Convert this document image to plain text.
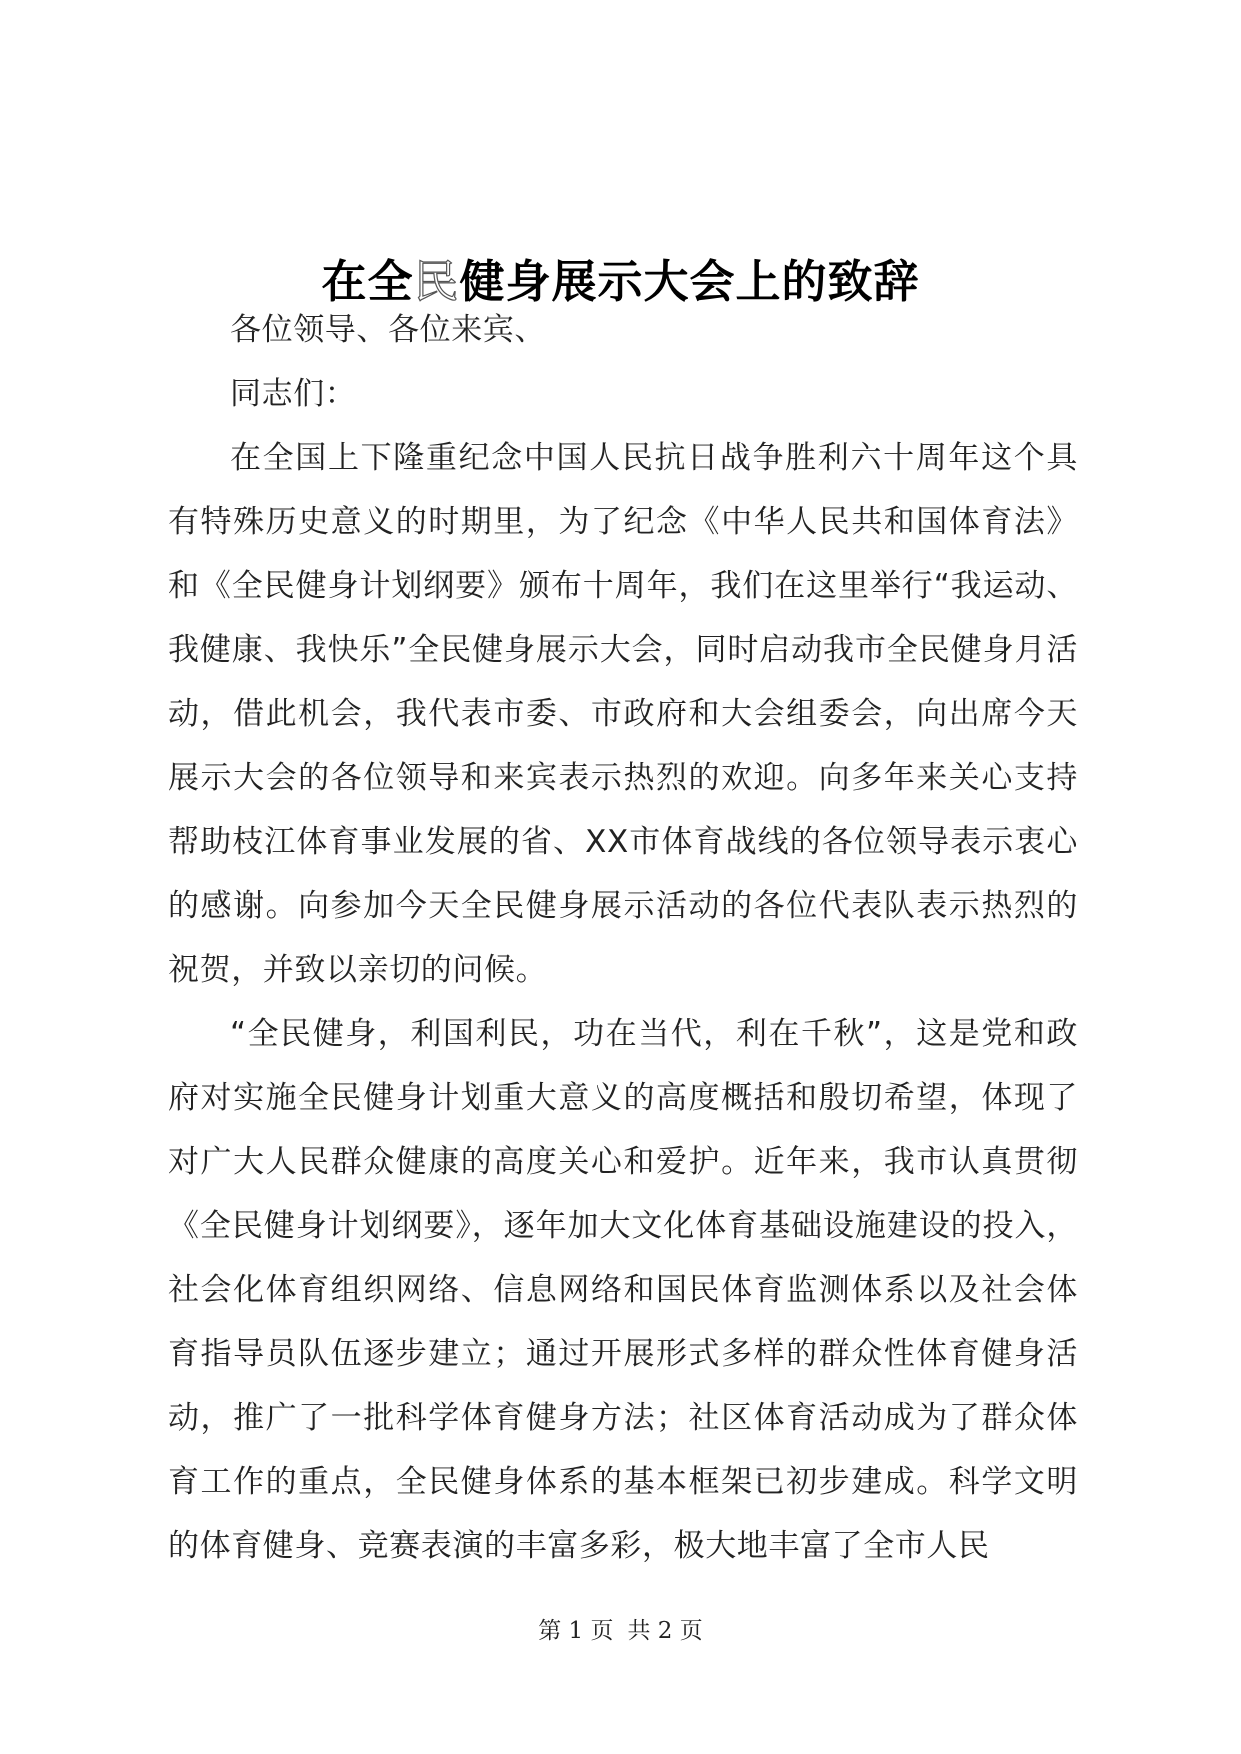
在全民健身展示大会上的致辞

各位领导、各位来宾、

同志们：

在全国上下隆重纪念中国人民抗日战争胜利六十周年这个具有特殊历史意义的时期里，为了纪念《中华人民共和国体育法》和《全民健身计划纲要》颁布十周年，我们在这里举行“我运动、我健康、我快乐”全民健身展示大会，同时启动我市全民健身月活动，借此机会，我代表市委、市政府和大会组委会，向出席今天展示大会的各位领导和来宾表示热烈的欢迎。向多年来关心支持帮助枝江体育事业发展的省、XX市体育战线的各位领导表示衷心的感谢。向参加今天全民健身展示活动的各位代表队表示热烈的祝贺，并致以亲切的问候。

“全民健身，利国利民，功在当代，利在千秋”，这是党和政府对实施全民健身计划重大意义的高度概括和殷切希望，体现了对广大人民群众健康的高度关心和爱护。近年来，我市认真贯彻《全民健身计划纲要》，逐年加大文化体育基础设施建设的投入，社会化体育组织网络、信息网络和国民体育监测体系以及社会体育指导员队伍逐步建立；通过开展形式多样的群众性体育健身活动，推广了一批科学体育健身方法；社区体育活动成为了群众体育工作的重点，全民健身体系的基本框架已初步建成。科学文明的体育健身、竞赛表演的丰富多彩，极大地丰富了全市人民

第 1 页 共 2 页
